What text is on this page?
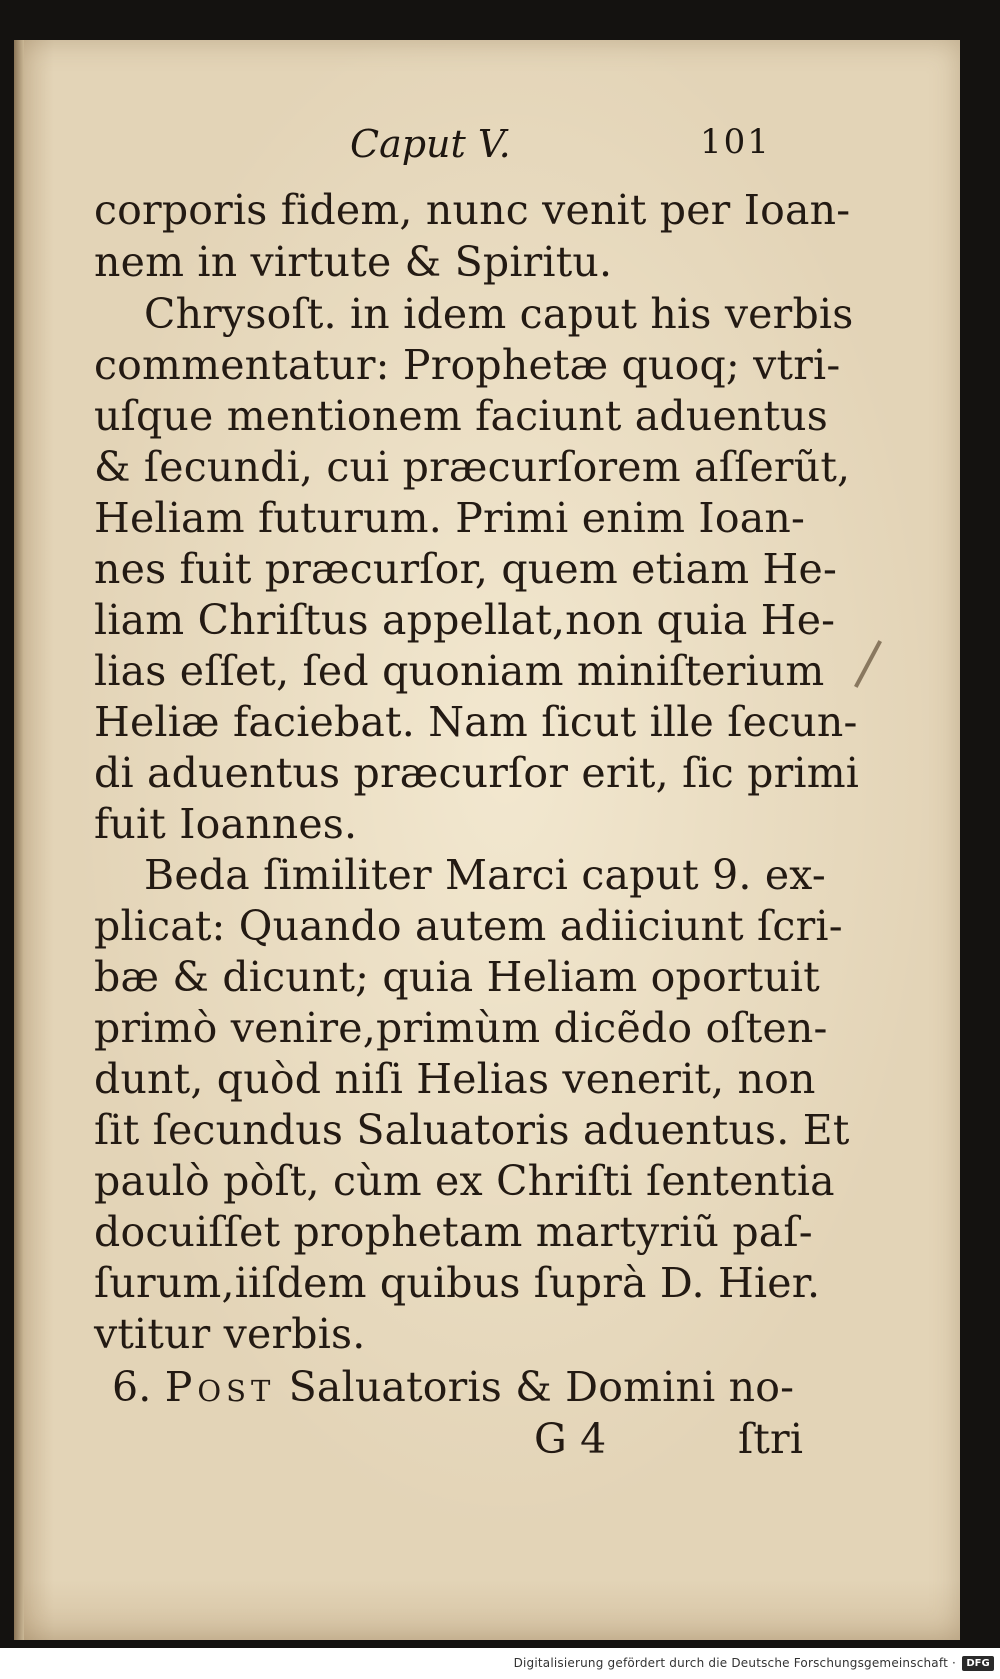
Caput V.	101
corporis fidem, nunc venit per Ioan-
nem in virtute & Spiritu.
Chrysoſt. in idem caput his verbis
commentatur: Prophetæ quoq; vtri-
uſque mentionem faciunt aduentus
& ſecundi, cui præcurſorem aſſerũt,
Heliam futurum. Primi enim Ioan-
nes fuit præcurſor, quem etiam He-
liam Chriſtus appellat,non quia He-
lias eſſet, ſed quoniam miniſterium
Heliæ faciebat. Nam ſicut ille ſecun-
di aduentus præcurſor erit, ſic primi
fuit Ioannes.
Beda ſimiliter Marci caput 9. ex-
plicat: Quando autem adiiciunt ſcri-
bæ & dicunt; quia Heliam oportuit
primò venire,primùm dicẽdo oſten-
dunt, quòd niſi Helias venerit, non
ſit ſecundus Saluatoris aduentus. Et
paulò pòſt, cùm ex Chriſti ſententia
docuiſſet prophetam martyriũ paſ-
ſurum,iiſdem quibus ſuprà D. Hier.
vtitur verbis.
6. Post Saluatoris & Domini no-
G 4	ſtri
Digitalisierung gefördert durch die Deutsche Forschungsgemeinschaft ·	DFG
